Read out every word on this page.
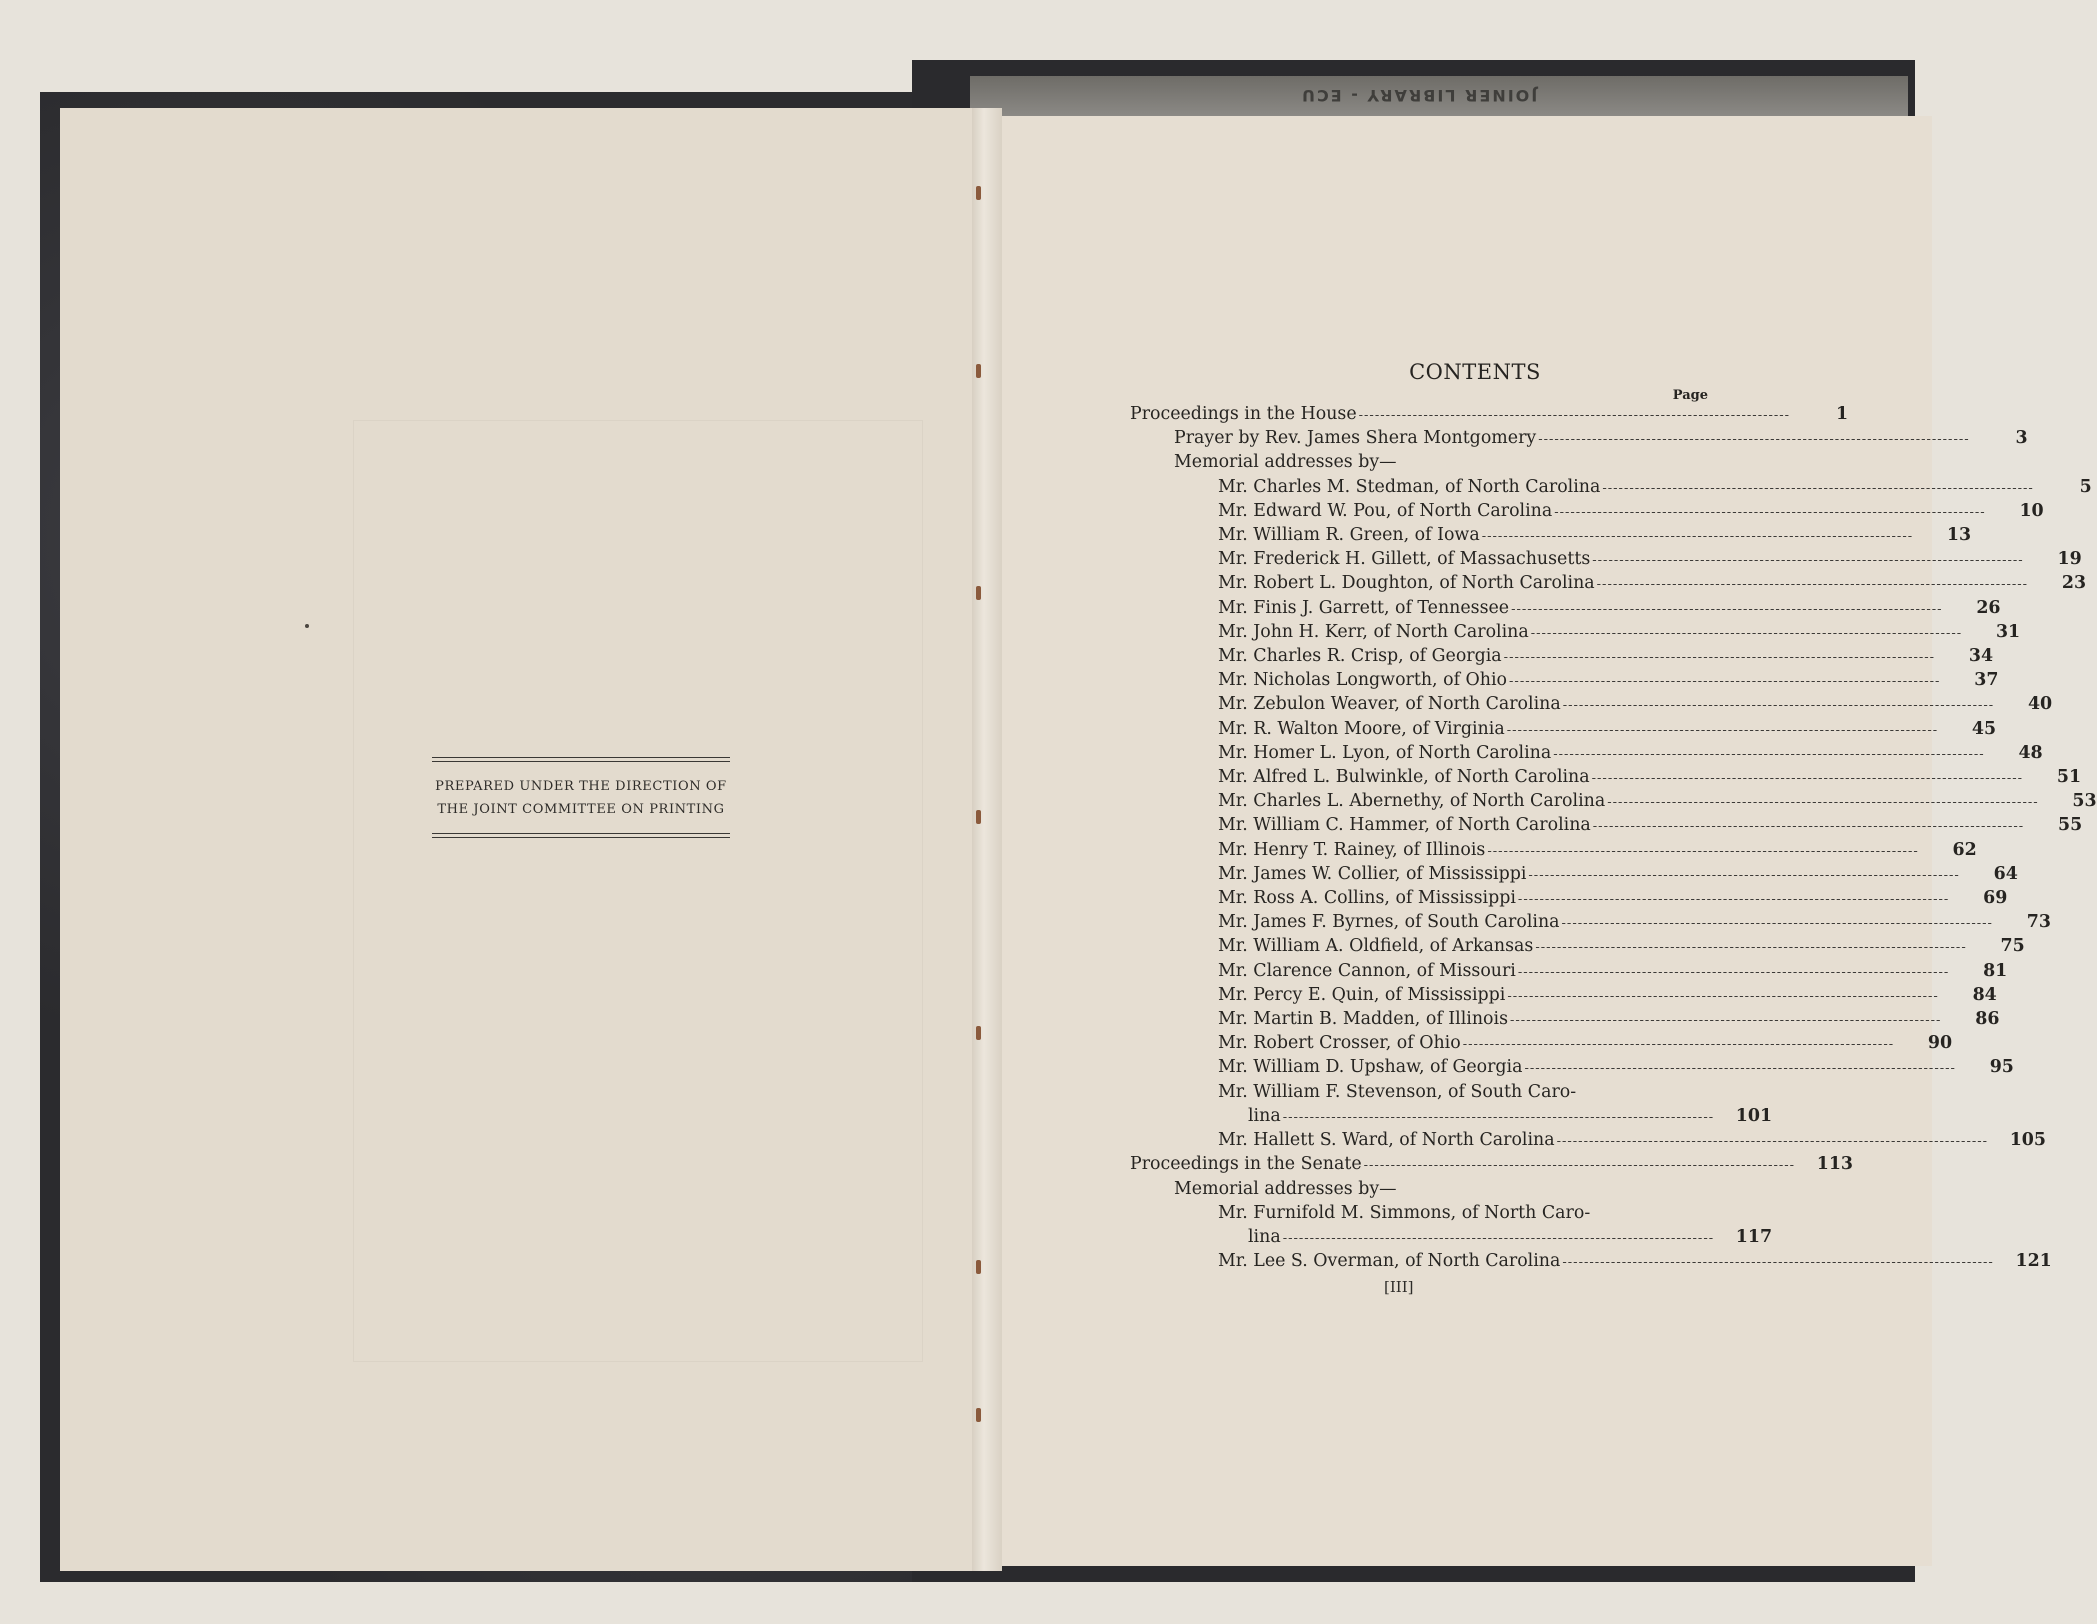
JOINER LIBRARY - ECU
PREPARED UNDER THE DIRECTION OF
THE JOINT COMMITTEE ON PRINTING
CONTENTS
Page
Proceedings in the House --------------------------------------------------------------------------------	1
Prayer by Rev. James Shera Montgomery --------------------------------------------------------------------------------	3
Memorial addresses by—
Mr. Charles M. Stedman, of North Carolina --------------------------------------------------------------------------------	5
Mr. Edward W. Pou, of North Carolina --------------------------------------------------------------------------------	10
Mr. William R. Green, of Iowa --------------------------------------------------------------------------------	13
Mr. Frederick H. Gillett, of Massachusetts --------------------------------------------------------------------------------	19
Mr. Robert L. Doughton, of North Carolina --------------------------------------------------------------------------------	23
Mr. Finis J. Garrett, of Tennessee --------------------------------------------------------------------------------	26
Mr. John H. Kerr, of North Carolina --------------------------------------------------------------------------------	31
Mr. Charles R. Crisp, of Georgia --------------------------------------------------------------------------------	34
Mr. Nicholas Longworth, of Ohio --------------------------------------------------------------------------------	37
Mr. Zebulon Weaver, of North Carolina --------------------------------------------------------------------------------	40
Mr. R. Walton Moore, of Virginia --------------------------------------------------------------------------------	45
Mr. Homer L. Lyon, of North Carolina --------------------------------------------------------------------------------	48
Mr. Alfred L. Bulwinkle, of North Carolina --------------------------------------------------------------------------------	51
Mr. Charles L. Abernethy, of North Carolina --------------------------------------------------------------------------------	53
Mr. William C. Hammer, of North Carolina --------------------------------------------------------------------------------	55
Mr. Henry T. Rainey, of Illinois --------------------------------------------------------------------------------	62
Mr. James W. Collier, of Mississippi --------------------------------------------------------------------------------	64
Mr. Ross A. Collins, of Mississippi --------------------------------------------------------------------------------	69
Mr. James F. Byrnes, of South Carolina --------------------------------------------------------------------------------	73
Mr. William A. Oldfield, of Arkansas --------------------------------------------------------------------------------	75
Mr. Clarence Cannon, of Missouri --------------------------------------------------------------------------------	81
Mr. Percy E. Quin, of Mississippi --------------------------------------------------------------------------------	84
Mr. Martin B. Madden, of Illinois --------------------------------------------------------------------------------	86
Mr. Robert Crosser, of Ohio --------------------------------------------------------------------------------	90
Mr. William D. Upshaw, of Georgia --------------------------------------------------------------------------------	95
Mr. William F. Stevenson, of South Caro-
lina --------------------------------------------------------------------------------	101
Mr. Hallett S. Ward, of North Carolina --------------------------------------------------------------------------------	105
Proceedings in the Senate --------------------------------------------------------------------------------	113
Memorial addresses by—
Mr. Furnifold M. Simmons, of North Caro-
lina --------------------------------------------------------------------------------	117
Mr. Lee S. Overman, of North Carolina --------------------------------------------------------------------------------	121
[III]
